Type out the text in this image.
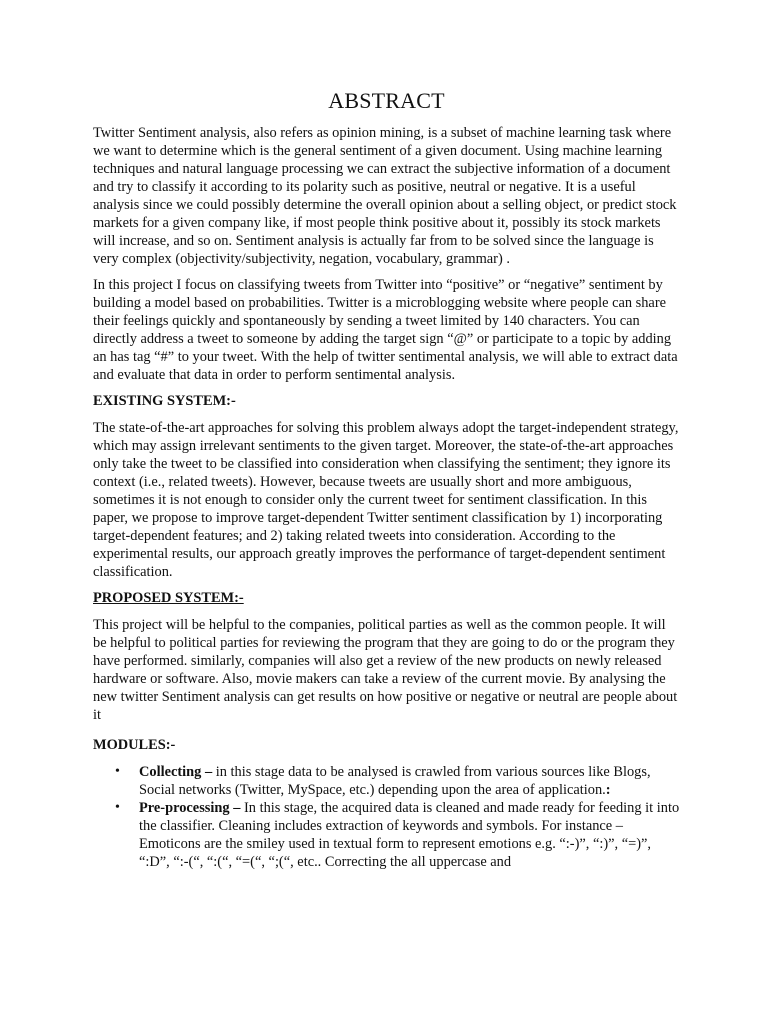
ABSTRACT

Twitter Sentiment analysis, also refers as opinion mining, is a subset of machine learning task where we want to determine which is the general sentiment of a given document. Using machine learning techniques and natural language processing we can extract the subjective information of a document and try to classify it according to its polarity such as positive, neutral or negative. It is a useful analysis since we could possibly determine the overall opinion about a selling object, or predict stock markets for a given company like, if most people think positive about it, possibly its stock markets will increase, and so on. Sentiment analysis is actually far from to be solved since the language is very complex (objectivity/subjectivity, negation, vocabulary, grammar) .

In this project I focus on classifying tweets from Twitter into “positive” or “negative” sentiment by building a model based on probabilities. Twitter is a microblogging website where people can share their feelings quickly and spontaneously by sending a tweet limited by 140 characters. You can directly address a tweet to someone by adding the target sign “@” or participate to a topic by adding an has tag “#” to your tweet. With the help of twitter sentimental analysis, we will able to extract data and evaluate that data in order to perform sentimental analysis.

EXISTING SYSTEM:-

The state-of-the-art approaches for solving this problem always adopt the target-independent strategy, which may assign irrelevant sentiments to the given target. Moreover, the state-of-the-art approaches only take the tweet to be classified into consideration when classifying the sentiment; they ignore its context (i.e., related tweets). However, because tweets are usually short and more ambiguous, sometimes it is not enough to consider only the current tweet for sentiment classification. In this paper, we propose to improve target-dependent Twitter sentiment classification by 1) incorporating target-dependent features; and 2) taking related tweets into consideration. According to the experimental results, our approach greatly improves the performance of target-dependent sentiment classification.

PROPOSED SYSTEM:-

This project will be helpful to the companies, political parties as well as the common people. It will be helpful to political parties for reviewing the program that they are going to do or the program they have performed. similarly, companies will also get a review of the new products on newly released hardware or software. Also, movie makers can take a review of the current movie. By analysing the new twitter Sentiment analysis can get results on how positive or negative or neutral are people about it

MODULES:-
• Collecting – in this stage data to be analysed is crawled from various sources like Blogs, Social networks (Twitter, MySpace, etc.) depending upon the area of application.:
• Pre-processing – In this stage, the acquired data is cleaned and made ready for feeding it into the classifier. Cleaning includes extraction of keywords and symbols. For instance – Emoticons are the smiley used in textual form to represent emotions e.g. “:-)”, “:)”, “=)”, “:D”, “:-(“, “:(“, “=(“, “;(“, etc.. Correcting the all uppercase and
